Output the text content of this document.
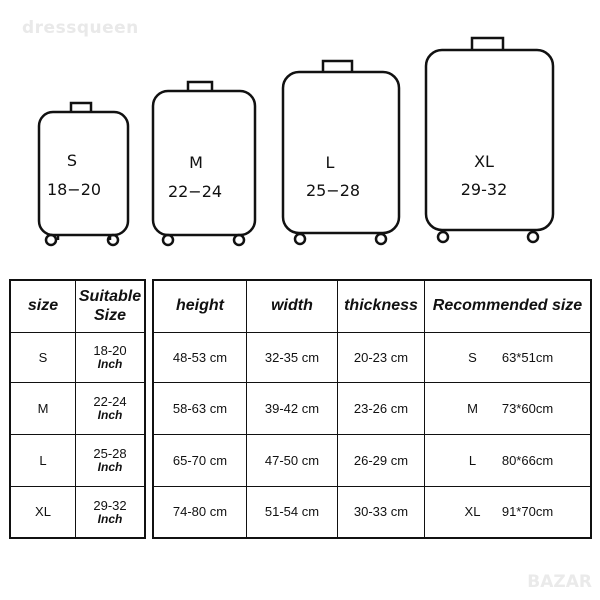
dressqueen
S
18−20
M
22−24
L
25−28
XL
29-32
size	Suitable
Size
S	18-20
Inch

M	22-24
Inch

L	25-28
Inch

XL	29-32
Inch
height	width	thickness	Recommended size
48-53 cm	32-35 cm	20-23 cm	S 63*51cm
58-63 cm	39-42 cm	23-26 cm	M 73*60cm
65-70 cm	47-50 cm	26-29 cm	L 80*66cm
74-80 cm	51-54 cm	30-33 cm	XL 91*70cm
BAZAR
